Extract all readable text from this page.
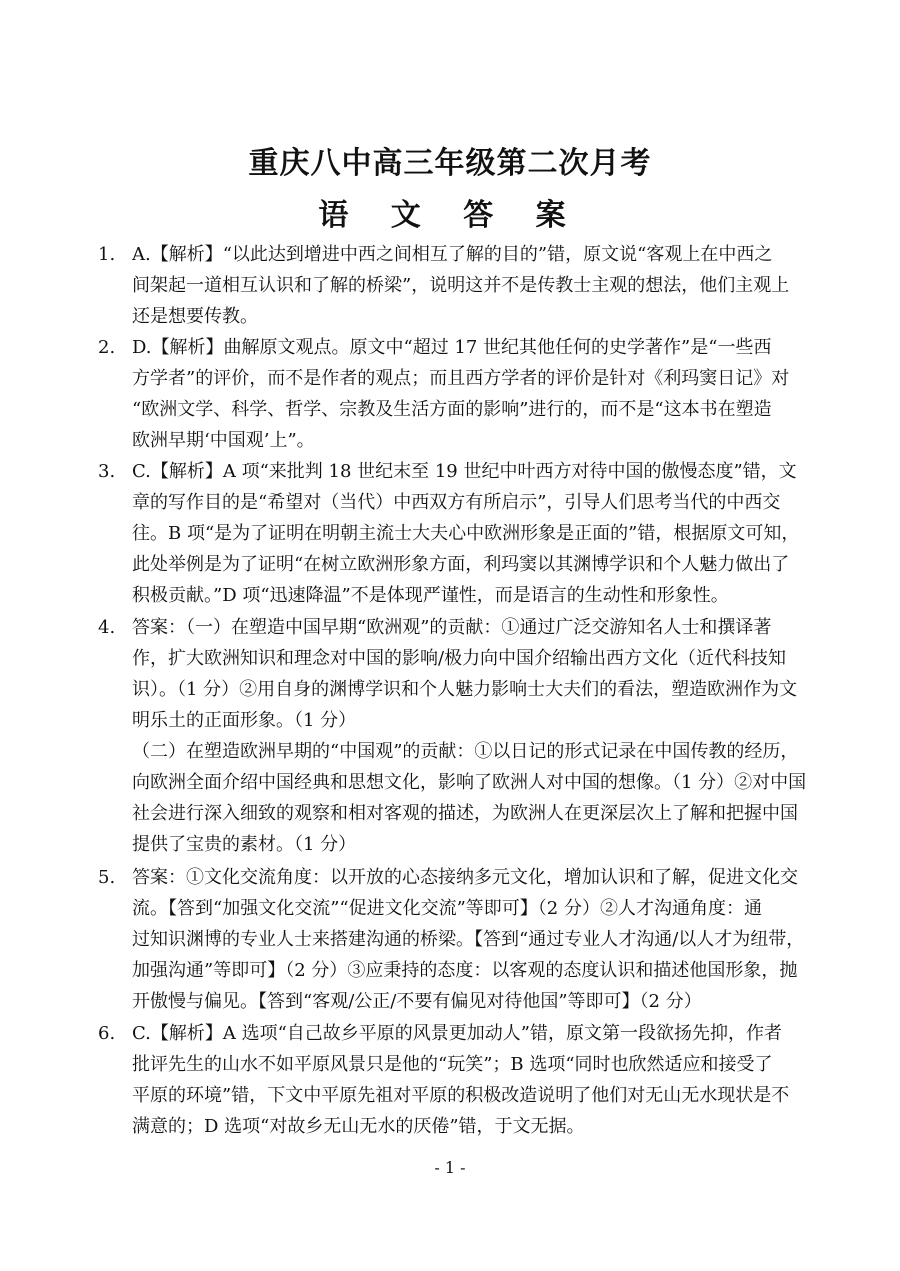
重庆八中高三年级第二次月考
语 文 答 案
1. A.【解析】“以此达到增进中西之间相互了解的目的”错，原文说“客观上在中西之
间架起一道相互认识和了解的桥梁”，说明这并不是传教士主观的想法，他们主观上
还是想要传教。
2. D.【解析】曲解原文观点。原文中“超过 17 世纪其他任何的史学著作”是“一些西
方学者”的评价，而不是作者的观点；而且西方学者的评价是针对《利玛窦日记》对
“欧洲文学、科学、哲学、宗教及生活方面的影响”进行的，而不是“这本书在塑造
欧洲早期‘中国观’上”。
3. C.【解析】A 项“来批判 18 世纪末至 19 世纪中叶西方对待中国的傲慢态度”错，文
章的写作目的是“希望对（当代）中西双方有所启示”，引导人们思考当代的中西交
往。B 项“是为了证明在明朝主流士大夫心中欧洲形象是正面的”错，根据原文可知，
此处举例是为了证明“在树立欧洲形象方面，利玛窦以其渊博学识和个人魅力做出了
积极贡献。”D 项“迅速降温”不是体现严谨性，而是语言的生动性和形象性。
4. 答案：（一）在塑造中国早期“欧洲观”的贡献：①通过广泛交游知名人士和撰译著
作，扩大欧洲知识和理念对中国的影响/极力向中国介绍输出西方文化（近代科技知
识）。（1 分）②用自身的渊博学识和个人魅力影响士大夫们的看法，塑造欧洲作为文
明乐土的正面形象。（1 分）
（二）在塑造欧洲早期的“中国观”的贡献：①以日记的形式记录在中国传教的经历，
向欧洲全面介绍中国经典和思想文化，影响了欧洲人对中国的想像。（1 分）②对中国
社会进行深入细致的观察和相对客观的描述，为欧洲人在更深层次上了解和把握中国
提供了宝贵的素材。（1 分）
5. 答案：①文化交流角度：以开放的心态接纳多元文化，增加认识和了解，促进文化交
流。【答到“加强文化交流”“促进文化交流”等即可】（2 分）②人才沟通角度：通
过知识渊博的专业人士来搭建沟通的桥梁。【答到“通过专业人才沟通/以人才为纽带，
加强沟通”等即可】（2 分）③应秉持的态度：以客观的态度认识和描述他国形象，抛
开傲慢与偏见。【答到“客观/公正/不要有偏见对待他国”等即可】（2 分）
6. C.【解析】A 选项“自己故乡平原的风景更加动人”错，原文第一段欲扬先抑，作者
批评先生的山水不如平原风景只是他的“玩笑”；B 选项“同时也欣然适应和接受了
平原的环境”错，下文中平原先祖对平原的积极改造说明了他们对无山无水现状是不
满意的；D 选项“对故乡无山无水的厌倦”错，于文无据。
- 1 -
